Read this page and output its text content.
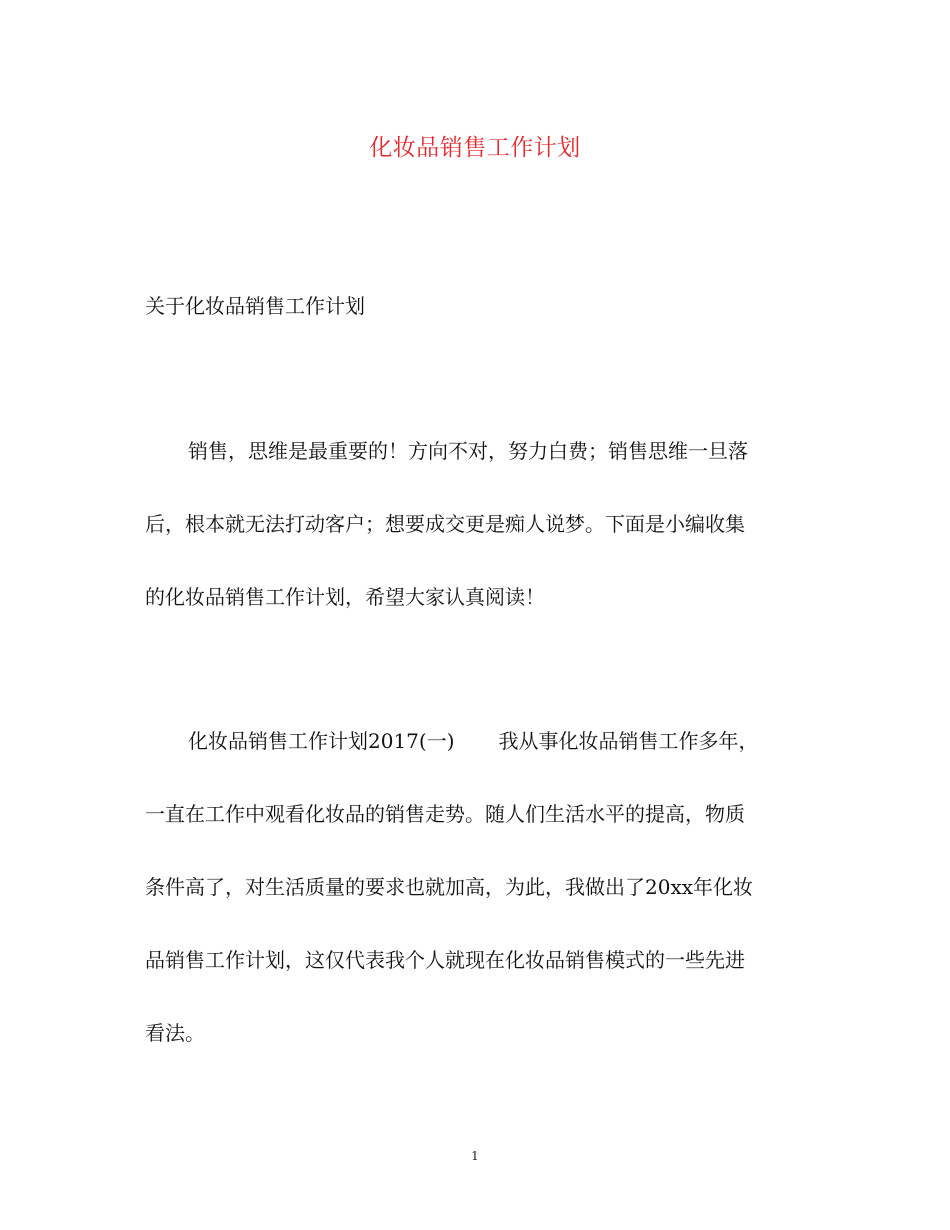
化妆品销售工作计划
关于化妆品销售工作计划
销售，思维是最重要的！方向不对，努力白费；销售思维一旦落
后，根本就无法打动客户；想要成交更是痴人说梦。下面是小编收集
的化妆品销售工作计划，希望大家认真阅读！
化妆品销售工作计划2017(一) 我从事化妆品销售工作多年，
一直在工作中观看化妆品的销售走势。随人们生活水平的提高，物质
条件高了，对生活质量的要求也就加高，为此，我做出了20xx年化妆
品销售工作计划，这仅代表我个人就现在化妆品销售模式的一些先进
看法。
1
